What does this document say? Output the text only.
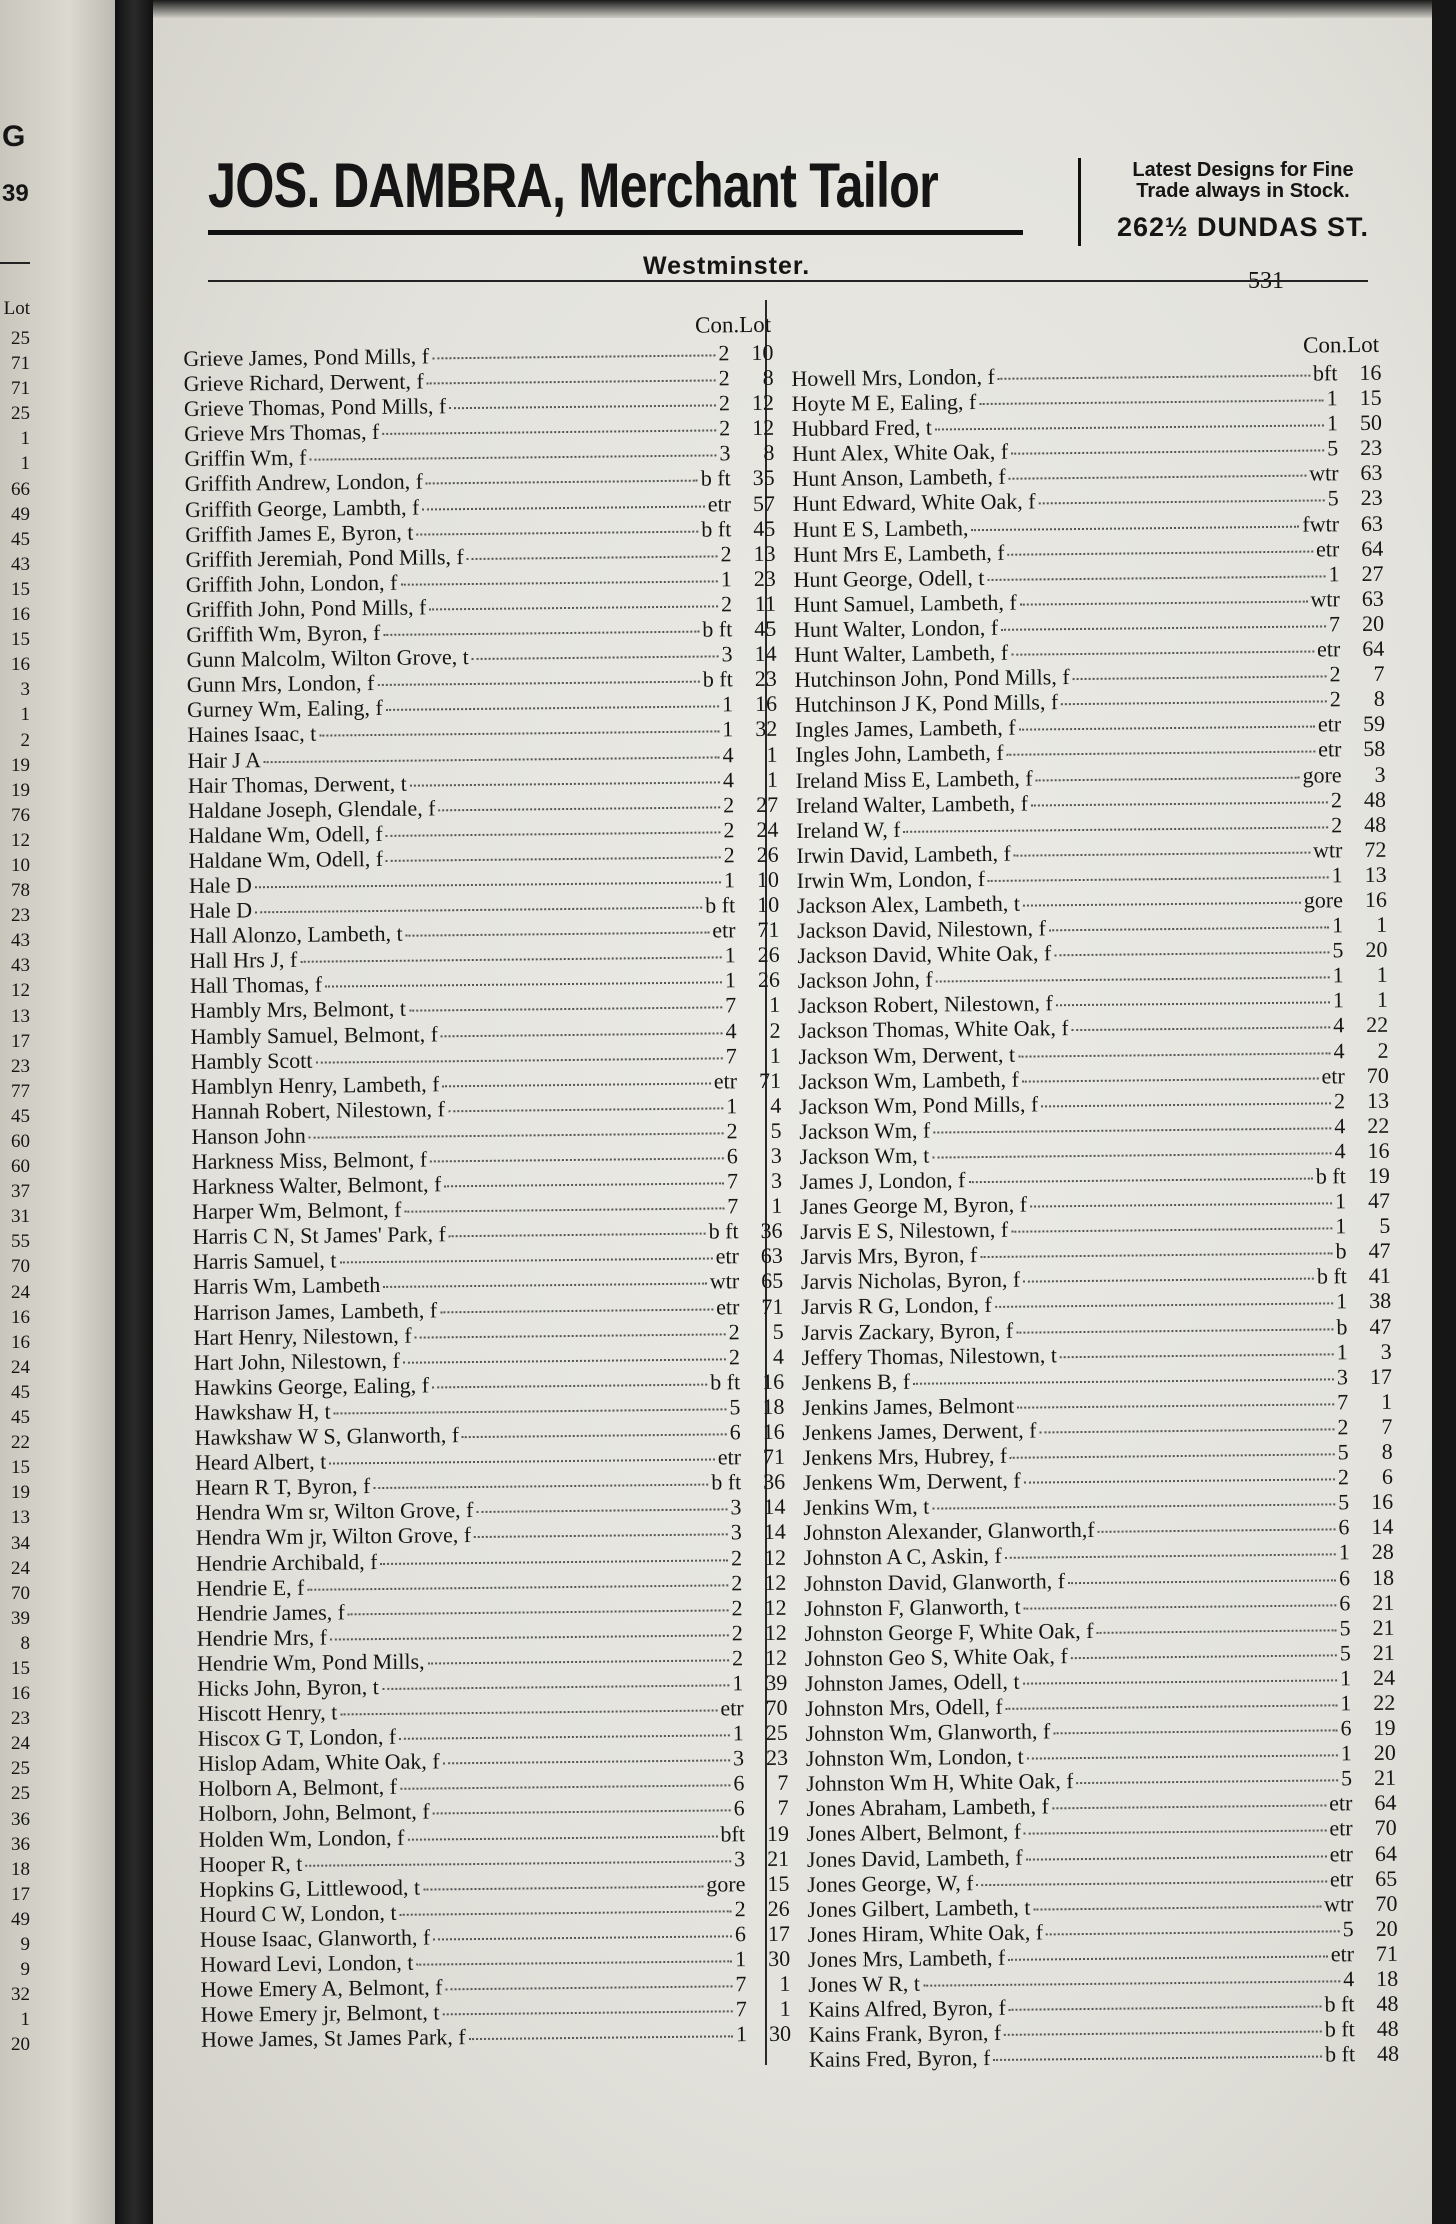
G
39
Lot
25
71
71
25
1
1
66
49
45
43
15
16
15
16
3
1
2
19
19
76
12
10
78
23
43
43
12
13
17
23
77
45
60
60
37
31
55
70
24
16
16
24
45
45
22
15
19
13
34
24
70
39
8
15
16
23
24
25
25
36
36
18
17
49
9
9
32
1
20
JOS. DAMBRA, Merchant Tailor	Latest Designs for Fine
Trade always in Stock.
262½ DUNDAS ST.
Westminster.
531
Con.Lot
Grieve James, Pond Mills, f	2 10
Grieve Richard, Derwent, f	2	8
Grieve Thomas, Pond Mills, f	2 12
Grieve Mrs Thomas, f	2 12
Griffin Wm, f	3	8
Griffith Andrew, London, f	b ft 35
Griffith George, Lambth, f	etr 57
Griffith James E, Byron, t	b ft 45
Griffith Jeremiah, Pond Mills, f	2 13
Griffith John, London, f	1 23
Griffith John, Pond Mills, f	2	11
Griffith Wm, Byron, f	b ft 45
Gunn Malcolm, Wilton Grove, t	3 14
Gunn Mrs, London, f	b ft 23
Gurney Wm, Ealing, f	1 16
Haines Isaac, t	1 32
Hair J A	4	1
Hair Thomas, Derwent, t	4	1
Haldane Joseph, Glendale, f	2 27
Haldane Wm, Odell, f	2 24
Haldane Wm, Odell, f	2 26
Hale D	1 10
Hale D	b ft 10
Hall Alonzo, Lambeth, t	etr 71
Hall Hrs J, f	1 26
Hall Thomas, f	1 26
Hambly Mrs, Belmont, t	7	1
Hambly Samuel, Belmont, f	4	2
Hambly Scott	7	1
Hamblyn Henry, Lambeth, f	etr 71
Hannah Robert, Nilestown, f	1	4
Hanson John	2	5
Harkness Miss, Belmont, f	6	3
Harkness Walter, Belmont, f	7	3
Harper Wm, Belmont, f	7	1
Harris C N, St James' Park, f	b ft 36
Harris Samuel, t	etr 63
Harris Wm, Lambeth	wtr 65
Harrison James, Lambeth, f	etr 71
Hart Henry, Nilestown, f	2	5
Hart John, Nilestown, f	2	4
Hawkins George, Ealing, f	b ft 16
Hawkshaw H, t	5 18
Hawkshaw W S, Glanworth, f	6 16
Heard Albert, t	etr 71
Hearn R T, Byron, f	b ft 36
Hendra Wm sr, Wilton Grove, f	3 14
Hendra Wm jr, Wilton Grove, f	3 14
Hendrie Archibald, f	2 12
Hendrie E, f	2 12
Hendrie James, f	2 12
Hendrie Mrs, f	2 12
Hendrie Wm, Pond Mills,	2 12
Hicks John, Byron, t	1 39
Hiscott Henry, t	etr 70
Hiscox G T, London, f	1 25
Hislop Adam, White Oak, f	3 23
Holborn A, Belmont, f	6	7
Holborn, John, Belmont, f	6	7
Holden Wm, London, f	bft 19
Hooper R, t	3 21
Hopkins G, Littlewood, t	gore 15
Hourd C W, London, t	2 26
House Isaac, Glanworth, f	6 17
Howard Levi, London, t	1 30
Howe Emery A, Belmont, f	7	1
Howe Emery jr, Belmont, t	7	1
Howe James, St James Park, f	1 30
Con.Lot
Howell Mrs, London, f	bft 16
Hoyte M E, Ealing, f	1 15
Hubbard Fred, t	1 50
Hunt Alex, White Oak, f	5 23
Hunt Anson, Lambeth, f	wtr 63
Hunt Edward, White Oak, f	5 23
Hunt E S, Lambeth,	fwtr 63
Hunt Mrs E, Lambeth, f	etr 64
Hunt George, Odell, t	1 27
Hunt Samuel, Lambeth, f	wtr 63
Hunt Walter, London, f	7 20
Hunt Walter, Lambeth, f	etr 64
Hutchinson John, Pond Mills, f	2	7
Hutchinson J K, Pond Mills, f	2	8
Ingles James, Lambeth, f	etr 59
Ingles John, Lambeth, f	etr 58
Ireland Miss E, Lambeth, f	gore	3
Ireland Walter, Lambeth, f	2 48
Ireland W, f	2 48
Irwin David, Lambeth, f	wtr 72
Irwin Wm, London, f	1 13
Jackson Alex, Lambeth, t	gore 16
Jackson David, Nilestown, f	1	1
Jackson David, White Oak, f	5 20
Jackson John, f	1	1
Jackson Robert, Nilestown, f	1	1
Jackson Thomas, White Oak, f	4 22
Jackson Wm, Derwent, t	4	2
Jackson Wm, Lambeth, f	etr 70
Jackson Wm, Pond Mills, f	2 13
Jackson Wm, f	4 22
Jackson Wm, t	4 16
James J, London, f	b ft 19
Janes George M, Byron, f	1 47
Jarvis E S, Nilestown, f	1	5
Jarvis Mrs, Byron, f	b 47
Jarvis Nicholas, Byron, f	b ft 41
Jarvis R G, London, f	1 38
Jarvis Zackary, Byron, f	b 47
Jeffery Thomas, Nilestown, t	1	3
Jenkens B, f	3 17
Jenkins James, Belmont	7	1
Jenkens James, Derwent, f	2	7
Jenkens Mrs, Hubrey, f	5	8
Jenkens Wm, Derwent, f	2	6
Jenkins Wm, t	5 16
Johnston Alexander, Glanworth,f	6 14
Johnston A C, Askin, f	1 28
Johnston David, Glanworth, f	6 18
Johnston F, Glanworth, t	6 21
Johnston George F, White Oak, f	5 21
Johnston Geo S, White Oak, f	5 21
Johnston James, Odell, t	1 24
Johnston Mrs, Odell, f	1 22
Johnston Wm, Glanworth, f	6 19
Johnston Wm, London, t	1 20
Johnston Wm H, White Oak, f	5 21
Jones Abraham, Lambeth, f	etr 64
Jones Albert, Belmont, f	etr 70
Jones David, Lambeth, f	etr 64
Jones George, W, f	etr 65
Jones Gilbert, Lambeth, t	wtr 70
Jones Hiram, White Oak, f	5 20
Jones Mrs, Lambeth, f	etr 71
Jones W R, t	4 18
Kains Alfred, Byron, f	b ft 48
Kains Frank, Byron, f	b ft 48
Kains Fred, Byron, f	b ft 48
